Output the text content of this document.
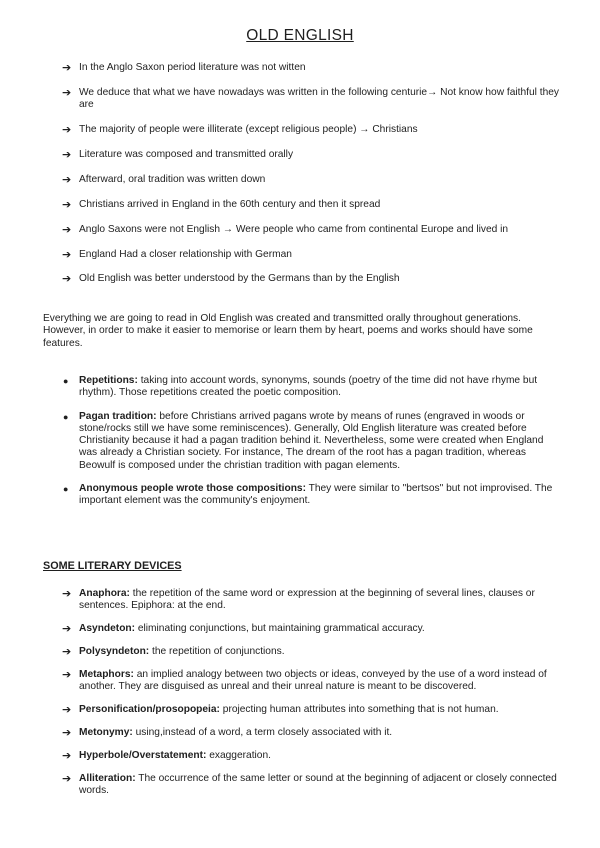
OLD ENGLISH
➔ In the Anglo Saxon period literature was not witten
➔ We deduce that what we have nowadays was written in the following centurie→ Not know how faithful they are
➔ The majority of people were illiterate (except religious people) → Christians
➔ Literature was composed and transmitted orally
➔ Afterward, oral tradition was written down
➔ Christians arrived in England in the 60th century and then it spread
➔ Anglo Saxons were not English → Were people who came from continental Europe and lived in
➔ England Had a closer relationship with German
➔ Old English was better understood by the Germans than by the English

Everything we are going to read in Old English was created and transmitted orally throughout generations. However, in order to make it easier to memorise or learn them by heart, poems and works should have some features.

● Repetitions: taking into account words, synonyms, sounds (poetry of the time did not have rhyme but rhythm). Those repetitions created the poetic composition.
● Pagan tradition: before Christians arrived pagans wrote by means of runes (engraved in woods or stone/rocks still we have some reminiscences). Generally, Old English literature was created before Christianity because it had a pagan tradition behind it. Nevertheless, some were created when England was already a Christian society. For instance, The dream of the root has a pagan tradition, whereas Beowulf is composed under the christian tradition with pagan elements.
● Anonymous people wrote those compositions: They were similar to "bertsos" but not improvised. The important element was the community's enjoyment.
SOME LITERARY DEVICES
➔ Anaphora: the repetition of the same word or expression at the beginning of several lines, clauses or sentences. Epiphora: at the end.
➔ Asyndeton: eliminating conjunctions, but maintaining grammatical accuracy.
➔ Polysyndeton: the repetition of conjunctions.
➔ Metaphors: an implied analogy between two objects or ideas, conveyed by the use of a word instead of another. They are disguised as unreal and their unreal nature is meant to be discovered.
➔ Personification/prosopopeia: projecting human attributes into something that is not human.
➔ Metonymy: using,instead of a word, a term closely associated with it.
➔ Hyperbole/Overstatement: exaggeration.
➔ Alliteration: The occurrence of the same letter or sound at the beginning of adjacent or closely connected words.
